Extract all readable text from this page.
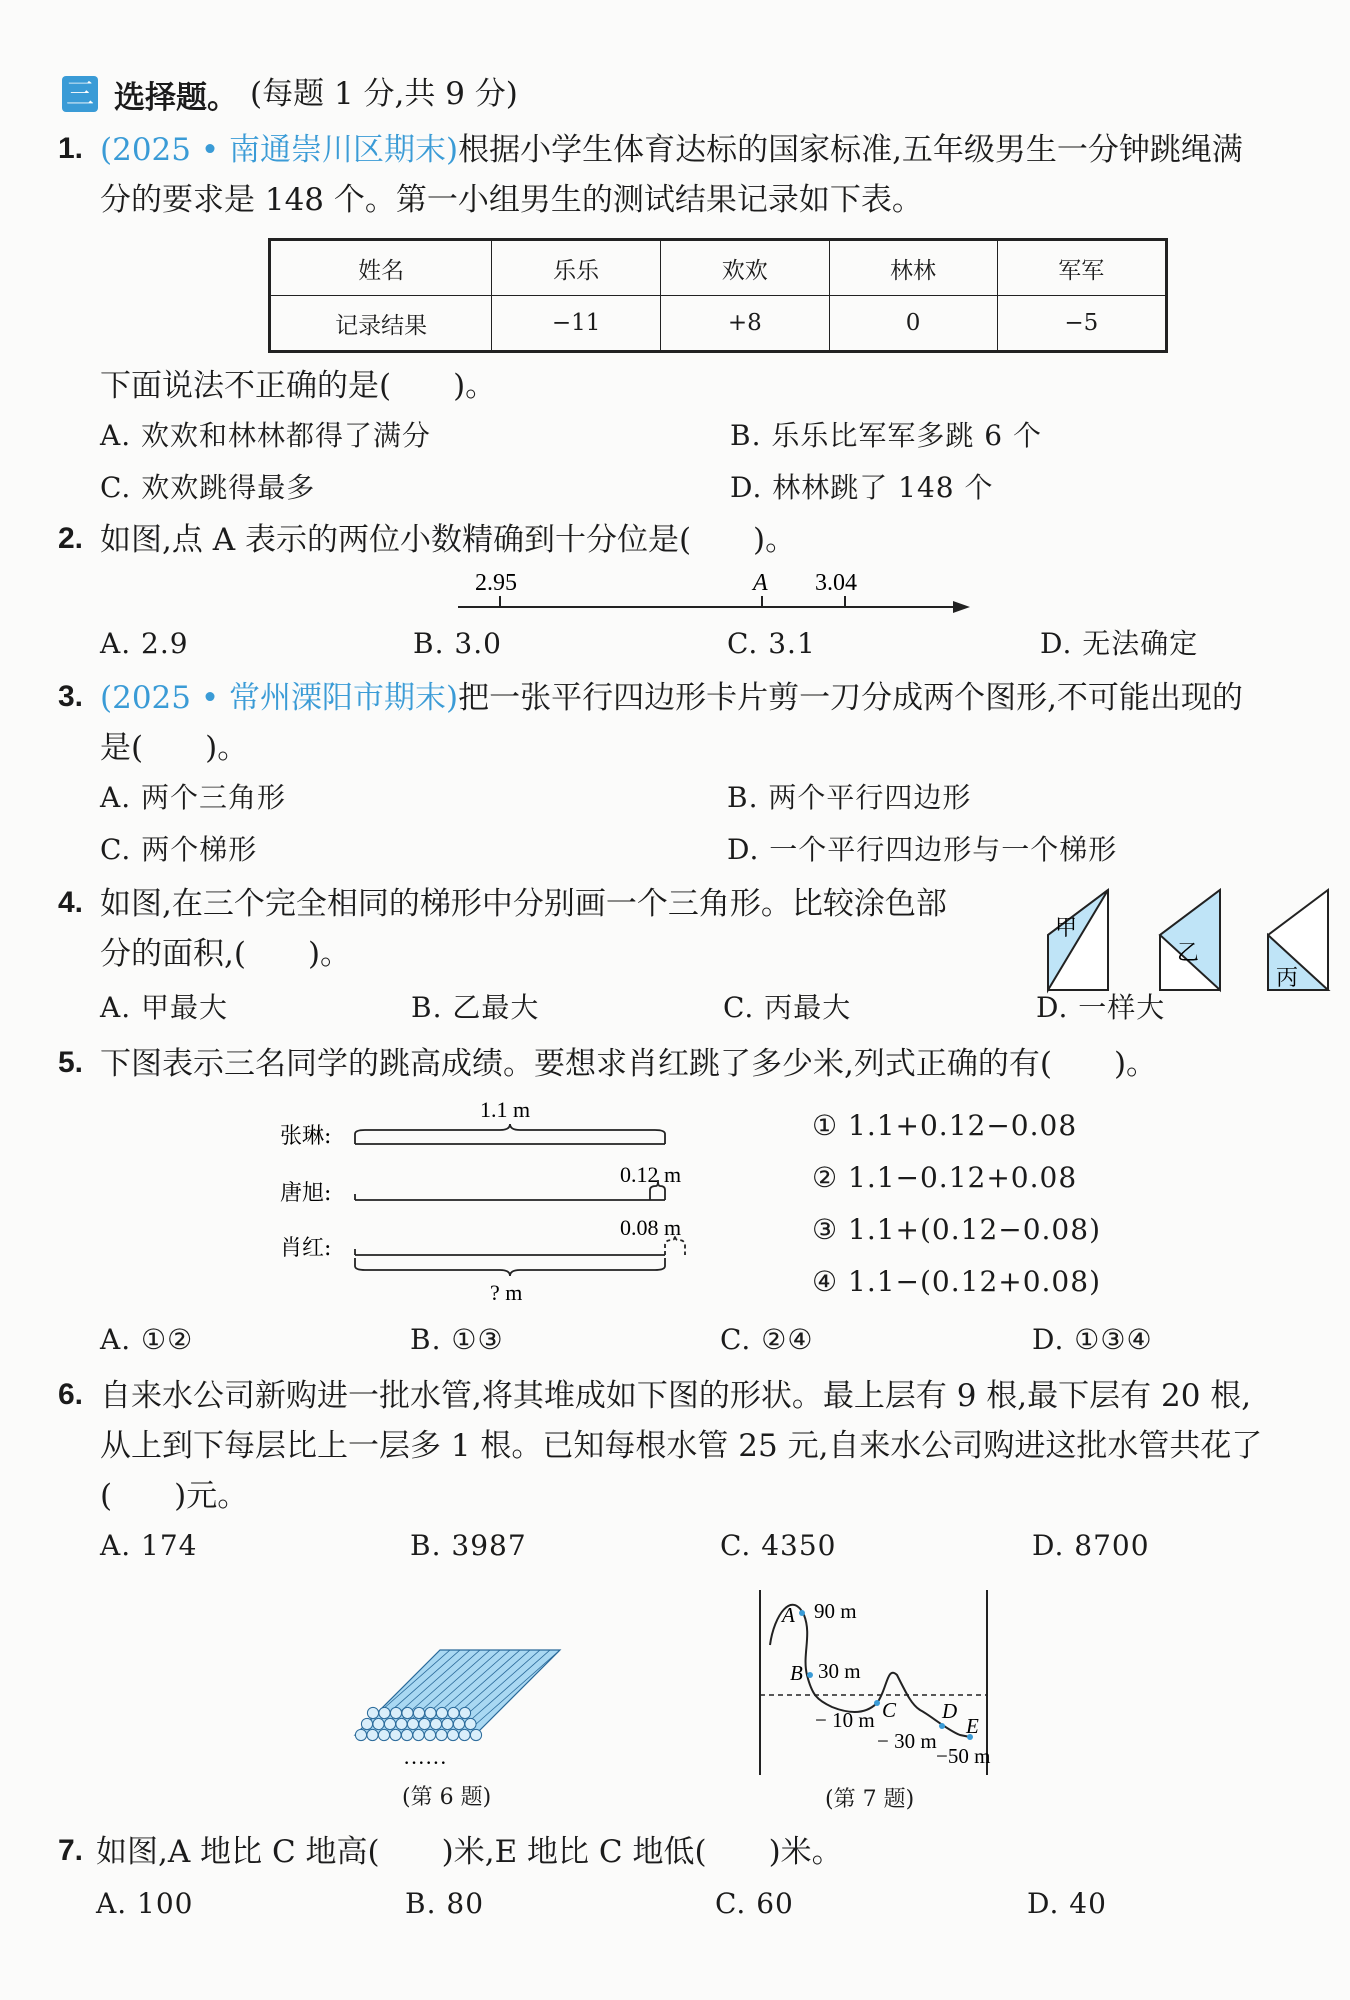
三 选择题。 (每题 1 分,共 9 分)
1. (2025 • 南通崇川区期末)根据小学生体育达标的国家标准,五年级男生一分钟跳绳满
分的要求是 148 个。第一小组男生的测试结果记录如下表。
姓名	乐乐	欢欢	林林	军军
记录结果	−11	+8	0	−5
下面说法不正确的是(　　)。
A. 欢欢和林林都得了满分	B. 乐乐比军军多跳 6 个
C. 欢欢跳得最多	D. 林林跳了 148 个
2. 如图,点 A 表示的两位小数精确到十分位是(　　)。
2.95	A 3.04
A. 2.9	B. 3.0	C. 3.1	D. 无法确定
3. (2025 • 常州溧阳市期末)把一张平行四边形卡片剪一刀分成两个图形,不可能出现的
是(　　)。
A. 两个三角形	B. 两个平行四边形
C. 两个梯形	D. 一个平行四边形与一个梯形
4. 如图,在三个完全相同的梯形中分别画一个三角形。比较涂色部
分的面积,(　　)。
甲
乙
丙
A. 甲最大	B. 乙最大	C. 丙最大	D. 一样大
5. 下图表示三名同学的跳高成绩。要想求肖红跳了多少米,列式正确的有(　　)。
张琳:
唐旭:
肖红:
1.1 m
0.12 m
0.08 m
? m
① 1.1+0.12−0.08
② 1.1−0.12+0.08
③ 1.1+(0.12−0.08)
④ 1.1−(0.12+0.08)
A. ①②	B. ①③	C. ②④	D. ①③④
6. 自来水公司新购进一批水管,将其堆成如下图的形状。最上层有 9 根,最下层有 20 根,
从上到下每层比上一层多 1 根。已知每根水管 25 元,自来水公司购进这批水管共花了
(　　)元。
A. 174	B. 3987	C. 4350	D. 8700
······
(第 6 题)
A
B
C D
E
90 m
30 m
− 10 m
− 30 m
−50 m
(第 7 题)
7. 如图,A 地比 C 地高(　　)米,E 地比 C 地低(　　)米。
A. 100	B. 80	C. 60	D. 40
